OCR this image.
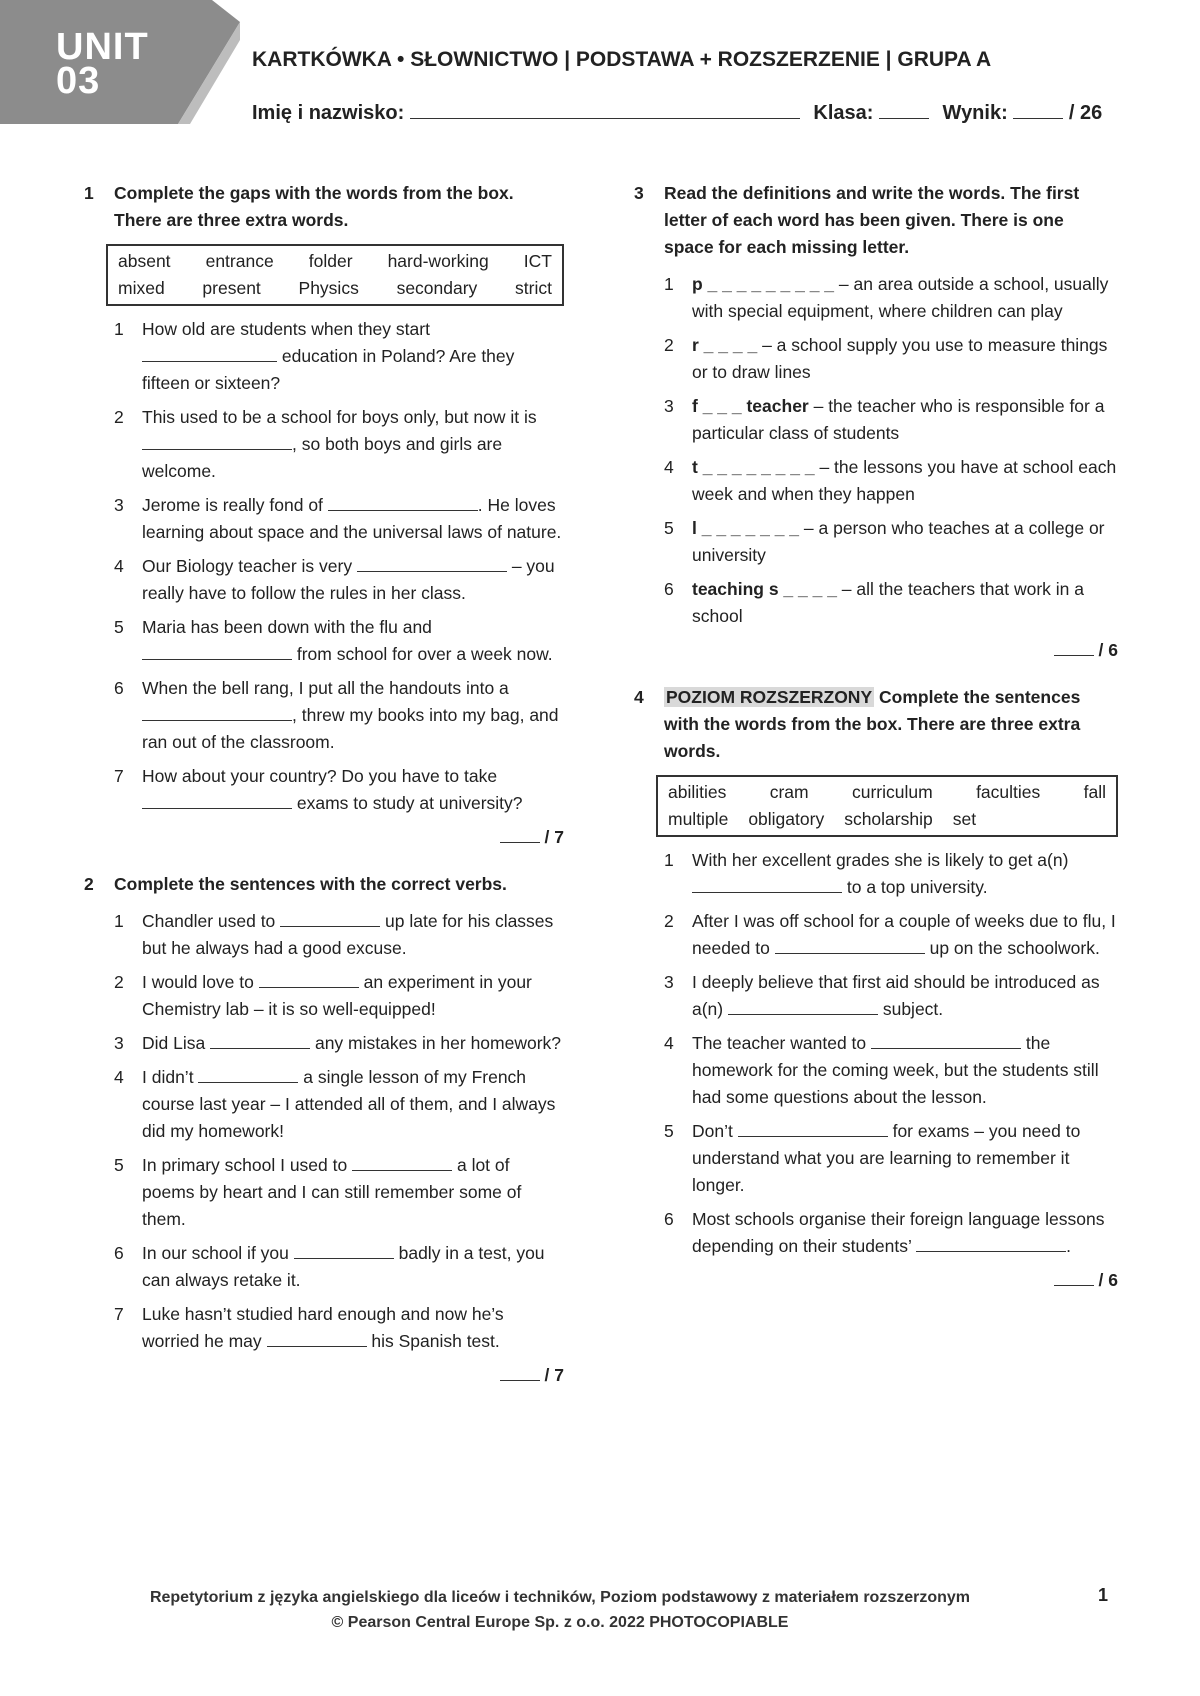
UNIT
03
KARTKÓWKA • SŁOWNICTWO | PODSTAWA + ROZSZERZENIE | GRUPA A
Imię i nazwisko:	Klasa:	Wynik:	/ 26
1 Complete the gaps with the words from the box. There are three extra words.
absent entrance folder hard-working ICT
mixed present Physics secondary strict
1 How old are students when they start  education in Poland? Are they fifteen or sixteen?
2 This used to be a school for boys only, but now it is , so both boys and girls are welcome.
3 Jerome is really fond of	. He loves learning about space and the universal laws of nature.
4 Our Biology teacher is very	– you really have to follow the rules in her class.
5 Maria has been down with the flu and  from school for over a week now.
6 When the bell rang, I put all the handouts into a , threw my books into my bag, and ran out of the classroom.
7 How about your country? Do you have to take  exams to study at university?
/ 7
2 Complete the sentences with the correct verbs.
1 Chandler used to	up late for his classes but he always had a good excuse.
2 I would love to	an experiment in your Chemistry lab – it is so well-equipped!
3 Did Lisa	any mistakes in her homework?
4 I didn’t	a single lesson of my French course last year – I attended all of them, and I always did my homework!
5 In primary school I used to	a lot of poems by heart and I can still remember some of them.
6 In our school if you	badly in a test, you can always retake it.
7 Luke hasn’t studied hard enough and now he’s worried he may	his Spanish test.
/ 7
3 Read the definitions and write the words. The first letter of each word has been given. There is one space for each missing letter.
1 p _ _ _ _ _ _ _ _ _ – an area outside a school, usually with special equipment, where children can play
2 r _ _ _ _ – a school supply you use to measure things or to draw lines
3 f _ _ _ teacher – the teacher who is responsible for a particular class of students
4 t _ _ _ _ _ _ _ _ – the lessons you have at school each week and when they happen
5 l _ _ _ _ _ _ _ – a person who teaches at a college or university
6 teaching s _ _ _ _ – all the teachers that work in a school
/ 6
4 POZIOM ROZSZERZONY Complete the sentences with the words from the box. There are three extra words.
abilities cram curriculum faculties fall
multiple obligatory scholarship set
1 With her excellent grades she is likely to get a(n)  to a top university.
2 After I was off school for a couple of weeks due to flu, I needed to	up on the schoolwork.
3 I deeply believe that first aid should be introduced as a(n)	subject.
4 The teacher wanted to	the homework for the coming week, but the students still had some questions about the lesson.
5 Don’t	for exams – you need to understand what you are learning to remember it longer.
6 Most schools organise their foreign language lessons depending on their students’	.
/ 6
Repetytorium z języka angielskiego dla liceów i techników, Poziom podstawowy z materiałem rozszerzonym
© Pearson Central Europe Sp. z o.o. 2022 PHOTOCOPIABLE
1
